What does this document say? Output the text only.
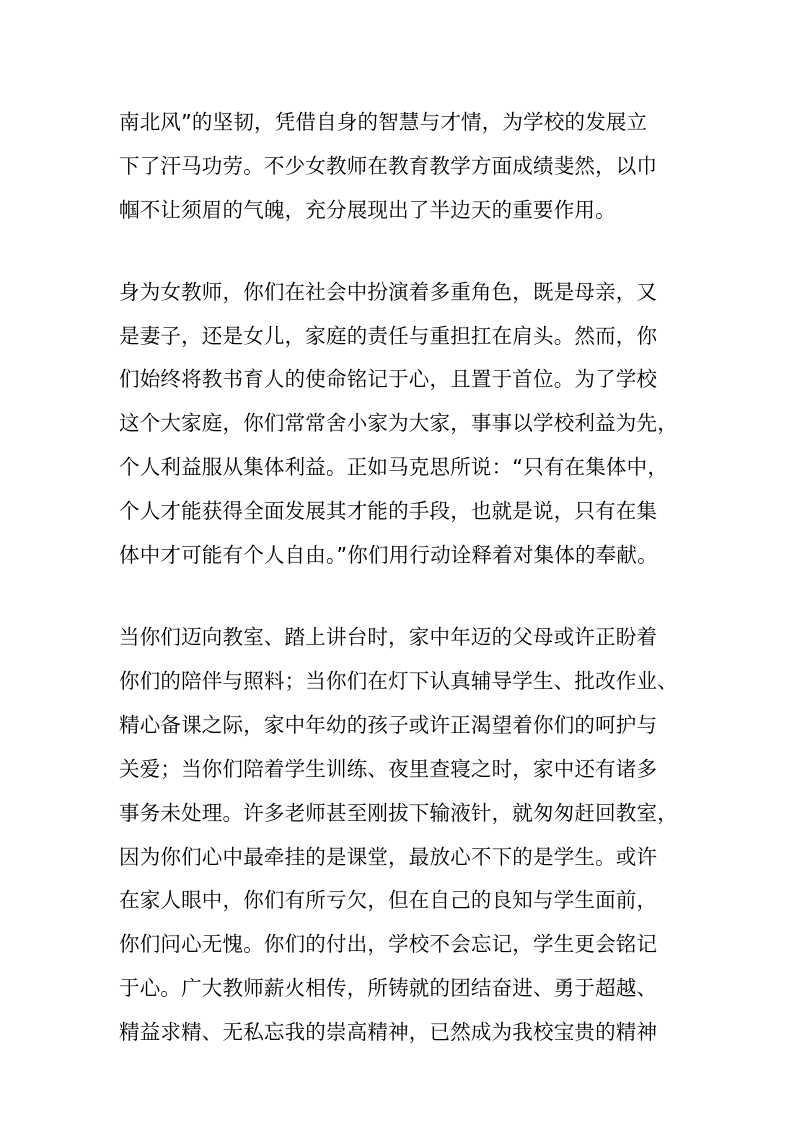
南北风”的坚韧，凭借自身的智慧与才情，为学校的发展立
下了汗马功劳。不少女教师在教育教学方面成绩斐然，以巾
帼不让须眉的气魄，充分展现出了半边天的重要作用。
身为女教师，你们在社会中扮演着多重角色，既是母亲，又
是妻子，还是女儿，家庭的责任与重担扛在肩头。然而，你
们始终将教书育人的使命铭记于心，且置于首位。为了学校
这个大家庭，你们常常舍小家为大家，事事以学校利益为先，
个人利益服从集体利益。正如马克思所说：“只有在集体中，
个人才能获得全面发展其才能的手段，也就是说，只有在集
体中才可能有个人自由。”你们用行动诠释着对集体的奉献。
当你们迈向教室、踏上讲台时，家中年迈的父母或许正盼着
你们的陪伴与照料；当你们在灯下认真辅导学生、批改作业、
精心备课之际，家中年幼的孩子或许正渴望着你们的呵护与
关爱；当你们陪着学生训练、夜里查寝之时，家中还有诸多
事务未处理。许多老师甚至刚拔下输液针，就匆匆赶回教室，
因为你们心中最牵挂的是课堂，最放心不下的是学生。或许
在家人眼中，你们有所亏欠，但在自己的良知与学生面前，
你们问心无愧。你们的付出，学校不会忘记，学生更会铭记
于心。广大教师薪火相传，所铸就的团结奋进、勇于超越、
精益求精、无私忘我的崇高精神，已然成为我校宝贵的精神
